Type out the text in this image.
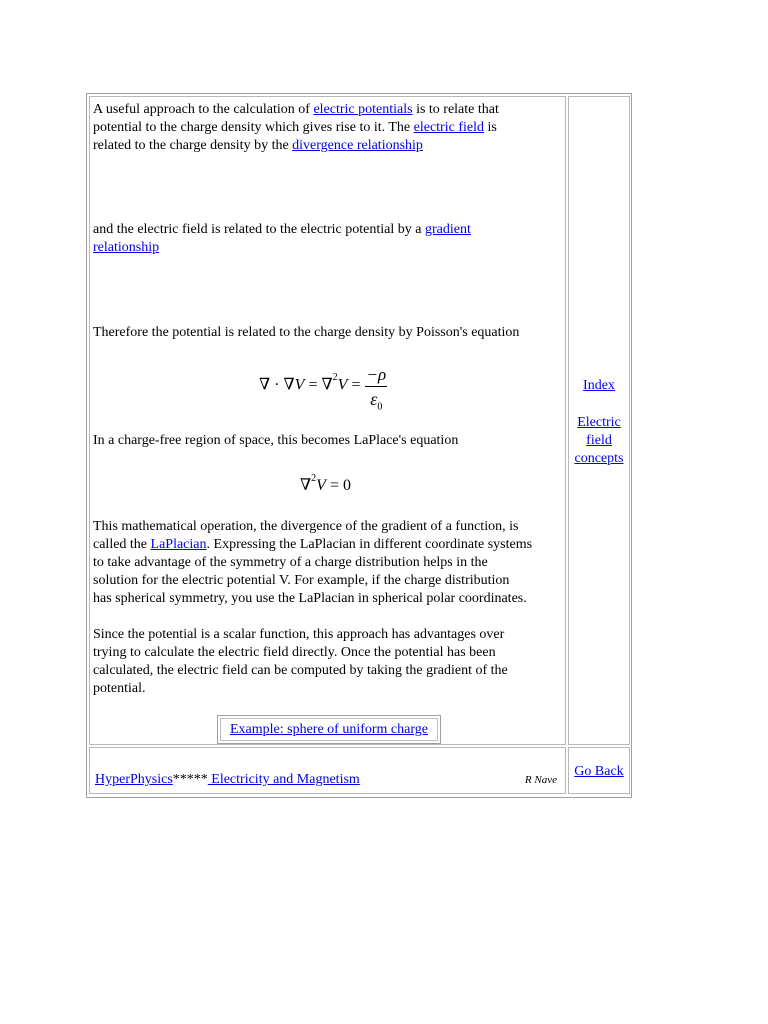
A useful approach to the calculation of electric potentials is to relate that
potential to the charge density which gives rise to it. The electric field is
related to the charge density by the divergence relationship
and the electric field is related to the electric potential by a gradient
relationship
Therefore the potential is related to the charge density by Poisson's equation
∇ · $\nabla V = \nabla^2V = \frac{-\rho}{\varepsilon_0}$
In a charge-free region of space, this becomes LaPlace's equation
∇$^2$V = 0
This mathematical operation, the divergence of the gradient of a function, is
called the LaPlacian. Expressing the LaPlacian in different coordinate systems
to take advantage of the symmetry of a charge distribution helps in the
solution for the electric potential V. For example, if the charge distribution
has spherical symmetry, you use the LaPlacian in spherical polar coordinates.
Since the potential is a scalar function, this approach has advantages over
trying to calculate the electric field directly. Once the potential has been
calculated, the electric field can be computed by taking the gradient of the
potential.
Example: sphere of uniform charge
Index
Electric
field
concepts
HyperPhysics***** Electricity and Magnetism	R Nave
Go Back
